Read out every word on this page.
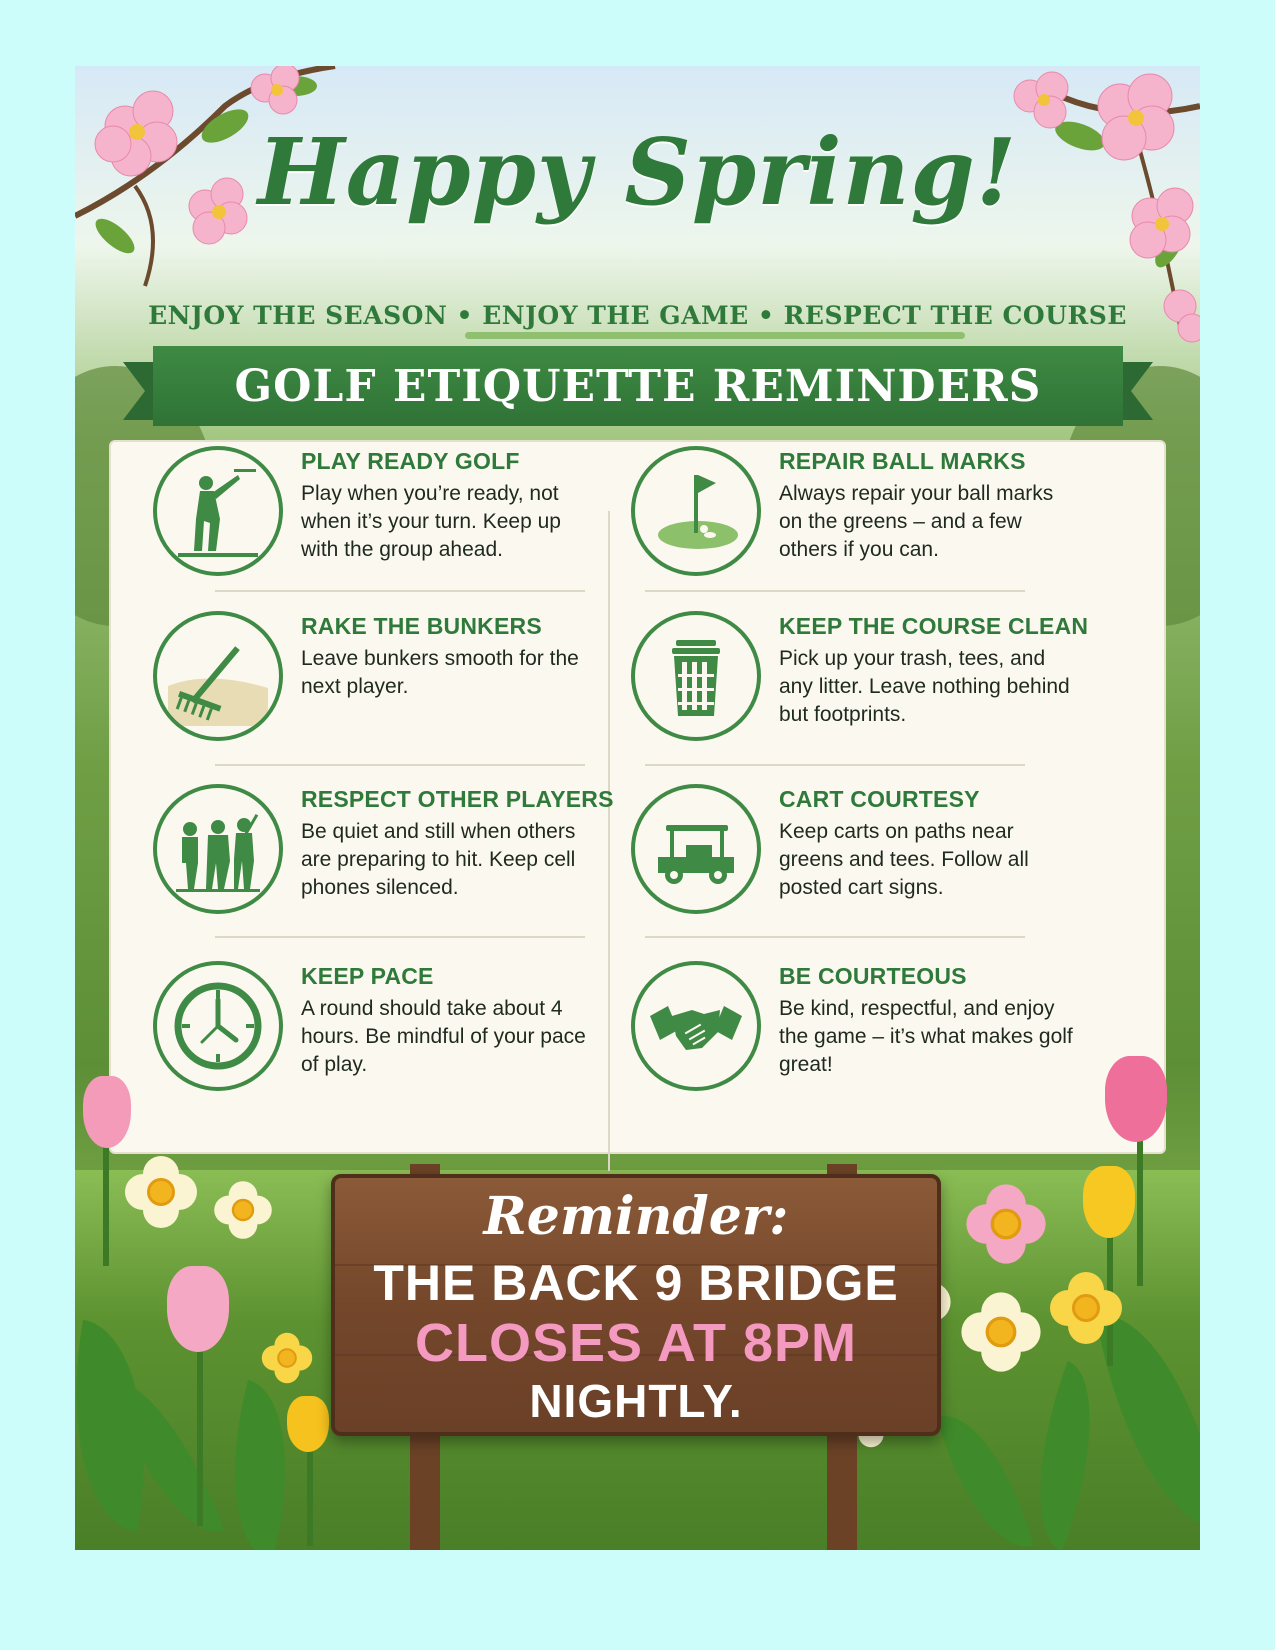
Happy Spring!
ENJOY THE SEASON • ENJOY THE GAME • RESPECT THE COURSE
GOLF ETIQUETTE REMINDERS
PLAY READY GOLF
Play when you’re ready, not when it’s your turn. Keep up with the group ahead.
REPAIR BALL MARKS
Always repair your ball marks on the greens – and a few others if you can.
RAKE THE BUNKERS
Leave bunkers smooth for the next player.
KEEP THE COURSE CLEAN
Pick up your trash, tees, and any litter. Leave nothing behind but footprints.
RESPECT OTHER PLAYERS
Be quiet and still when others are preparing to hit. Keep cell phones silenced.
CART COURTESY
Keep carts on paths near greens and tees. Follow all posted cart signs.
KEEP PACE
A round should take about 4 hours. Be mindful of your pace of play.
BE COURTEOUS
Be kind, respectful, and enjoy the game – it’s what makes golf great!
Reminder:
THE BACK 9 BRIDGE
CLOSES AT 8PM
NIGHTLY.
